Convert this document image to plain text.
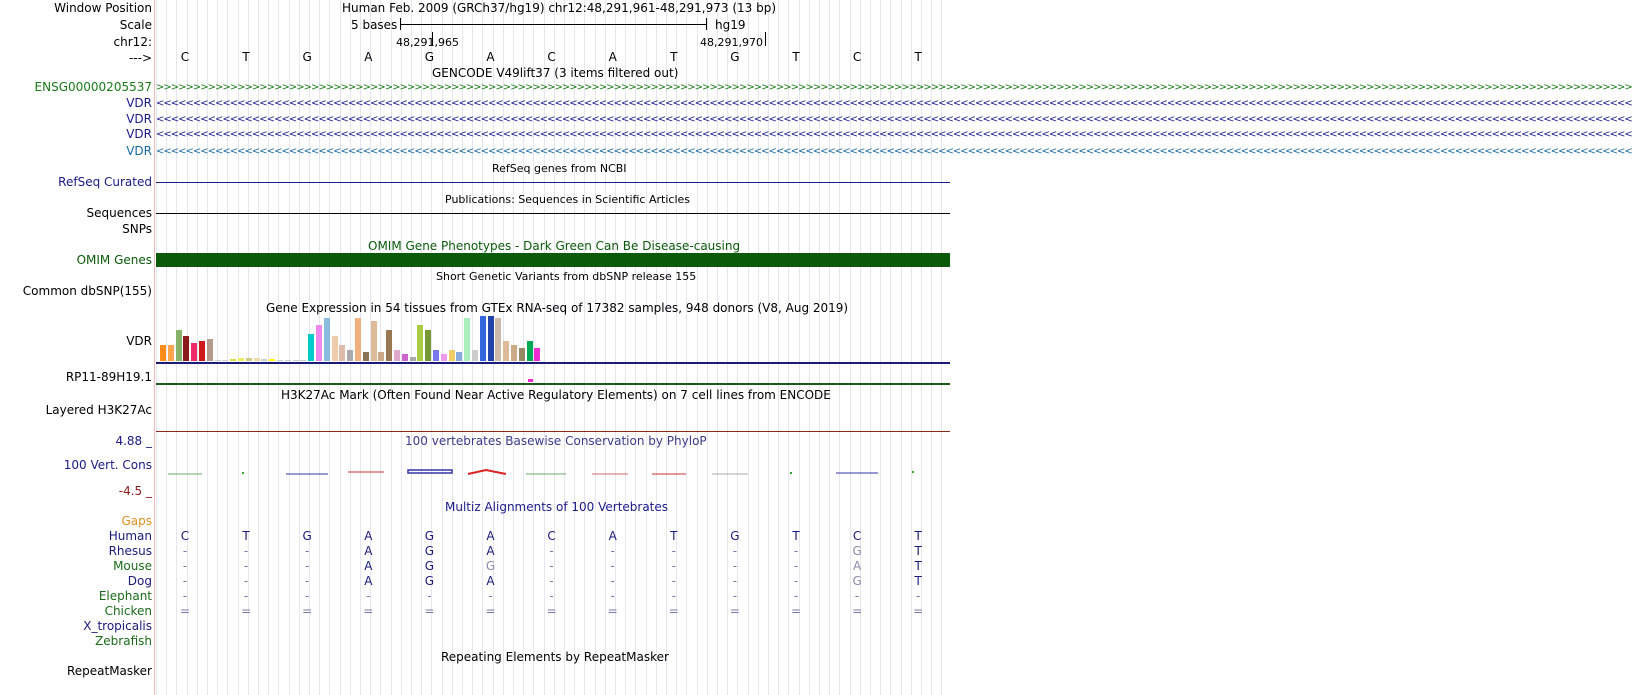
Window Position	Human Feb. 2009 (GRCh37/hg19) chr12:48,291,961-48,291,973 (13 bp)
Scale	5 bases	hg19
chr12:	48,291,965	48,291,970
--->	C	T	G	A	G	A	C	A	T	G	T	C	T
GENCODE V49lift37 (3 items filtered out)
ENSG00000205537
VDR
VDR
VDR
VDR
>>>>>>>>>>>>>>>>>>>>>>>>>>>>>>>>>>>>>>>>>>>>>>>>>>>>>>>>>>>>>>>>>>>>>>>>>>>>>>>>>>>>>>>>>>>>>>>>>>>>>>>>>>>>>>>>>>>>>>>>>>>>>>>>>>>>>>>>>>>>>>>>>>>>>>>>>>>>>>>>>>>>>>>>>>>>>>>>>>>>>>>>>>>>>>>>>>>>>>>>
<<<<<<<<<<<<<<<<<<<<<<<<<<<<<<<<<<<<<<<<<<<<<<<<<<<<<<<<<<<<<<<<<<<<<<<<<<<<<<<<<<<<<<<<<<<<<<<<<<<<<<<<<<<<<<<<<<<<<<<<<<<<<<<<<<<<<<<<<<<<<<<<<<<<<<<<<<<<<<<<<<<<<<<<<<<<<<<<<<<<<<<<<<<<<<<<<<<<<<<<
<<<<<<<<<<<<<<<<<<<<<<<<<<<<<<<<<<<<<<<<<<<<<<<<<<<<<<<<<<<<<<<<<<<<<<<<<<<<<<<<<<<<<<<<<<<<<<<<<<<<<<<<<<<<<<<<<<<<<<<<<<<<<<<<<<<<<<<<<<<<<<<<<<<<<<<<<<<<<<<<<<<<<<<<<<<<<<<<<<<<<<<<<<<<<<<<<<<<<<<<
<<<<<<<<<<<<<<<<<<<<<<<<<<<<<<<<<<<<<<<<<<<<<<<<<<<<<<<<<<<<<<<<<<<<<<<<<<<<<<<<<<<<<<<<<<<<<<<<<<<<<<<<<<<<<<<<<<<<<<<<<<<<<<<<<<<<<<<<<<<<<<<<<<<<<<<<<<<<<<<<<<<<<<<<<<<<<<<<<<<<<<<<<<<<<<<<<<<<<<<<
<<<<<<<<<<<<<<<<<<<<<<<<<<<<<<<<<<<<<<<<<<<<<<<<<<<<<<<<<<<<<<<<<<<<<<<<<<<<<<<<<<<<<<<<<<<<<<<<<<<<<<<<<<<<<<<<<<<<<<<<<<<<<<<<<<<<<<<<<<<<<<<<<<<<<<<<<<<<<<<<<<<<<<<<<<<<<<<<<<<<<<<<<<<<<<<<<<<<<<<<
RefSeq genes from NCBI
RefSeq Curated
Publications: Sequences in Scientific Articles
Sequences
SNPs
OMIM Gene Phenotypes - Dark Green Can Be Disease-causing
OMIM Genes
Short Genetic Variants from dbSNP release 155
Common dbSNP(155)
Gene Expression in 54 tissues from GTEx RNA-seq of 17382 samples, 948 donors (V8, Aug 2019)
VDR
RP11-89H19.1
H3K27Ac Mark (Often Found Near Active Regulatory Elements) on 7 cell lines from ENCODE
Layered H3K27Ac
100 vertebrates Basewise Conservation by PhyloP
4.88 _
100 Vert. Cons
-4.5 _
Multiz Alignments of 100 Vertebrates
Gaps
Human	C	T	G	A	G	A	C	A	T	G	T	C	T
Rhesus	-	-	-	A	G	A	-	-	-	-	-	G	T
Mouse	-	-	-	A	G	G	-	-	-	-	-	A	T
Dog	-	-	-	A	G	A	-	-	-	-	-	G	T
Elephant	-	-	-	-	-	-	-	-	-	-	-	-	-
Chicken	=	=	=	=	=	=	=	=	=	=	=	=	=
X_tropicalis
Zebrafish
Repeating Elements by RepeatMasker
RepeatMasker
